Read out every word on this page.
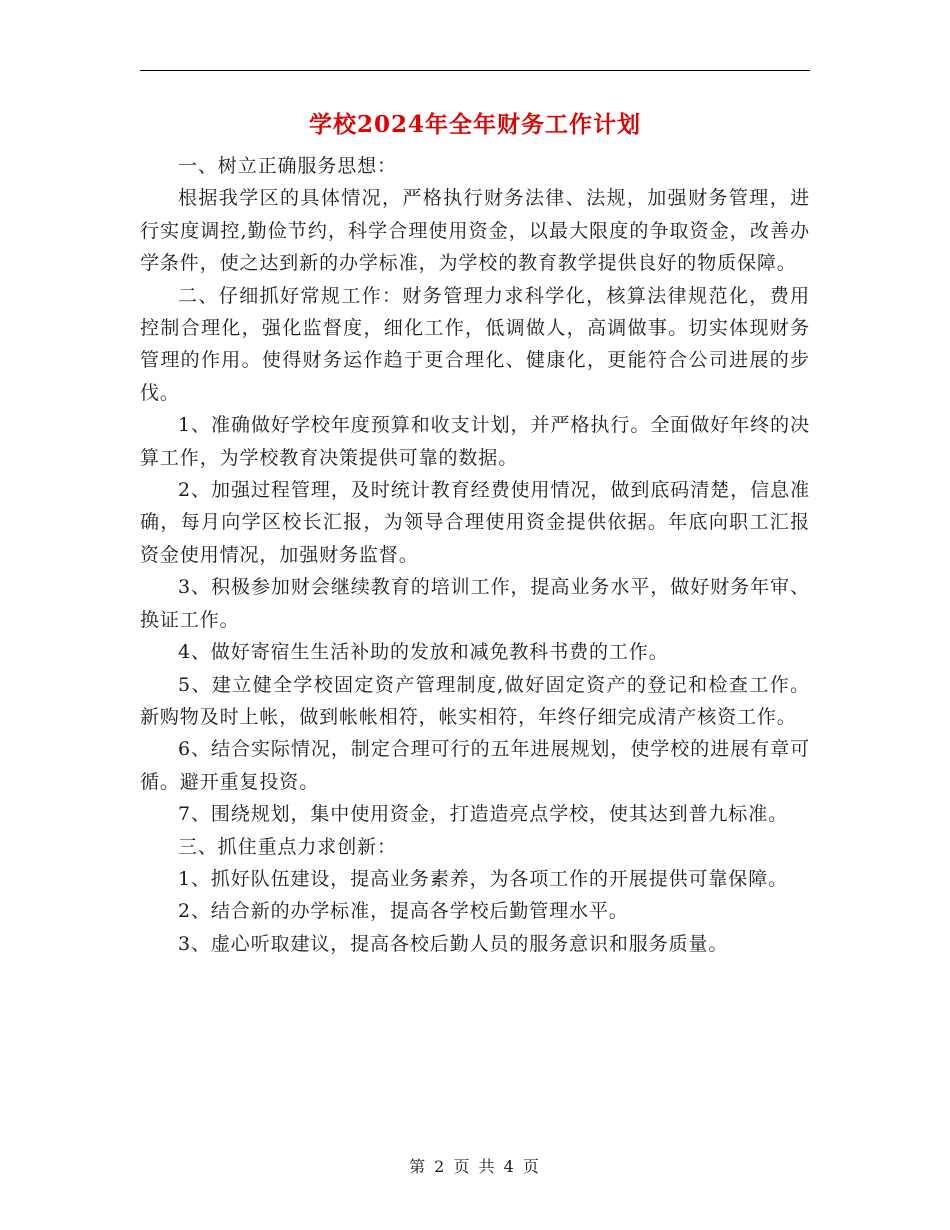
学校2024年全年财务工作计划

一、树立正确服务思想：

根据我学区的具体情况，严格执行财务法律、法规，加强财务管理，进行实度调控,勤俭节约，科学合理使用资金，以最大限度的争取资金，改善办学条件，使之达到新的办学标准，为学校的教育教学提供良好的物质保障。

二、仔细抓好常规工作：财务管理力求科学化，核算法律规范化，费用控制合理化，强化监督度，细化工作，低调做人，高调做事。切实体现财务管理的作用。使得财务运作趋于更合理化、健康化，更能符合公司进展的步伐。

1、准确做好学校年度预算和收支计划，并严格执行。全面做好年终的决算工作，为学校教育决策提供可靠的数据。

2、加强过程管理，及时统计教育经费使用情况，做到底码清楚，信息准确，每月向学区校长汇报，为领导合理使用资金提供依据。年底向职工汇报资金使用情况，加强财务监督。

3、积极参加财会继续教育的培训工作，提高业务水平，做好财务年审、换证工作。

4、做好寄宿生生活补助的发放和减免教科书费的工作。

5、建立健全学校固定资产管理制度,做好固定资产的登记和检查工作。新购物及时上帐，做到帐帐相符，帐实相符，年终仔细完成清产核资工作。

6、结合实际情况，制定合理可行的五年进展规划，使学校的进展有章可循。避开重复投资。

7、围绕规划，集中使用资金，打造造亮点学校，使其达到普九标准。

三、抓住重点力求创新：

1、抓好队伍建设，提高业务素养，为各项工作的开展提供可靠保障。

2、结合新的办学标准，提高各学校后勤管理水平。

3、虚心听取建议，提高各校后勤人员的服务意识和服务质量。

第 2 页 共 4 页
